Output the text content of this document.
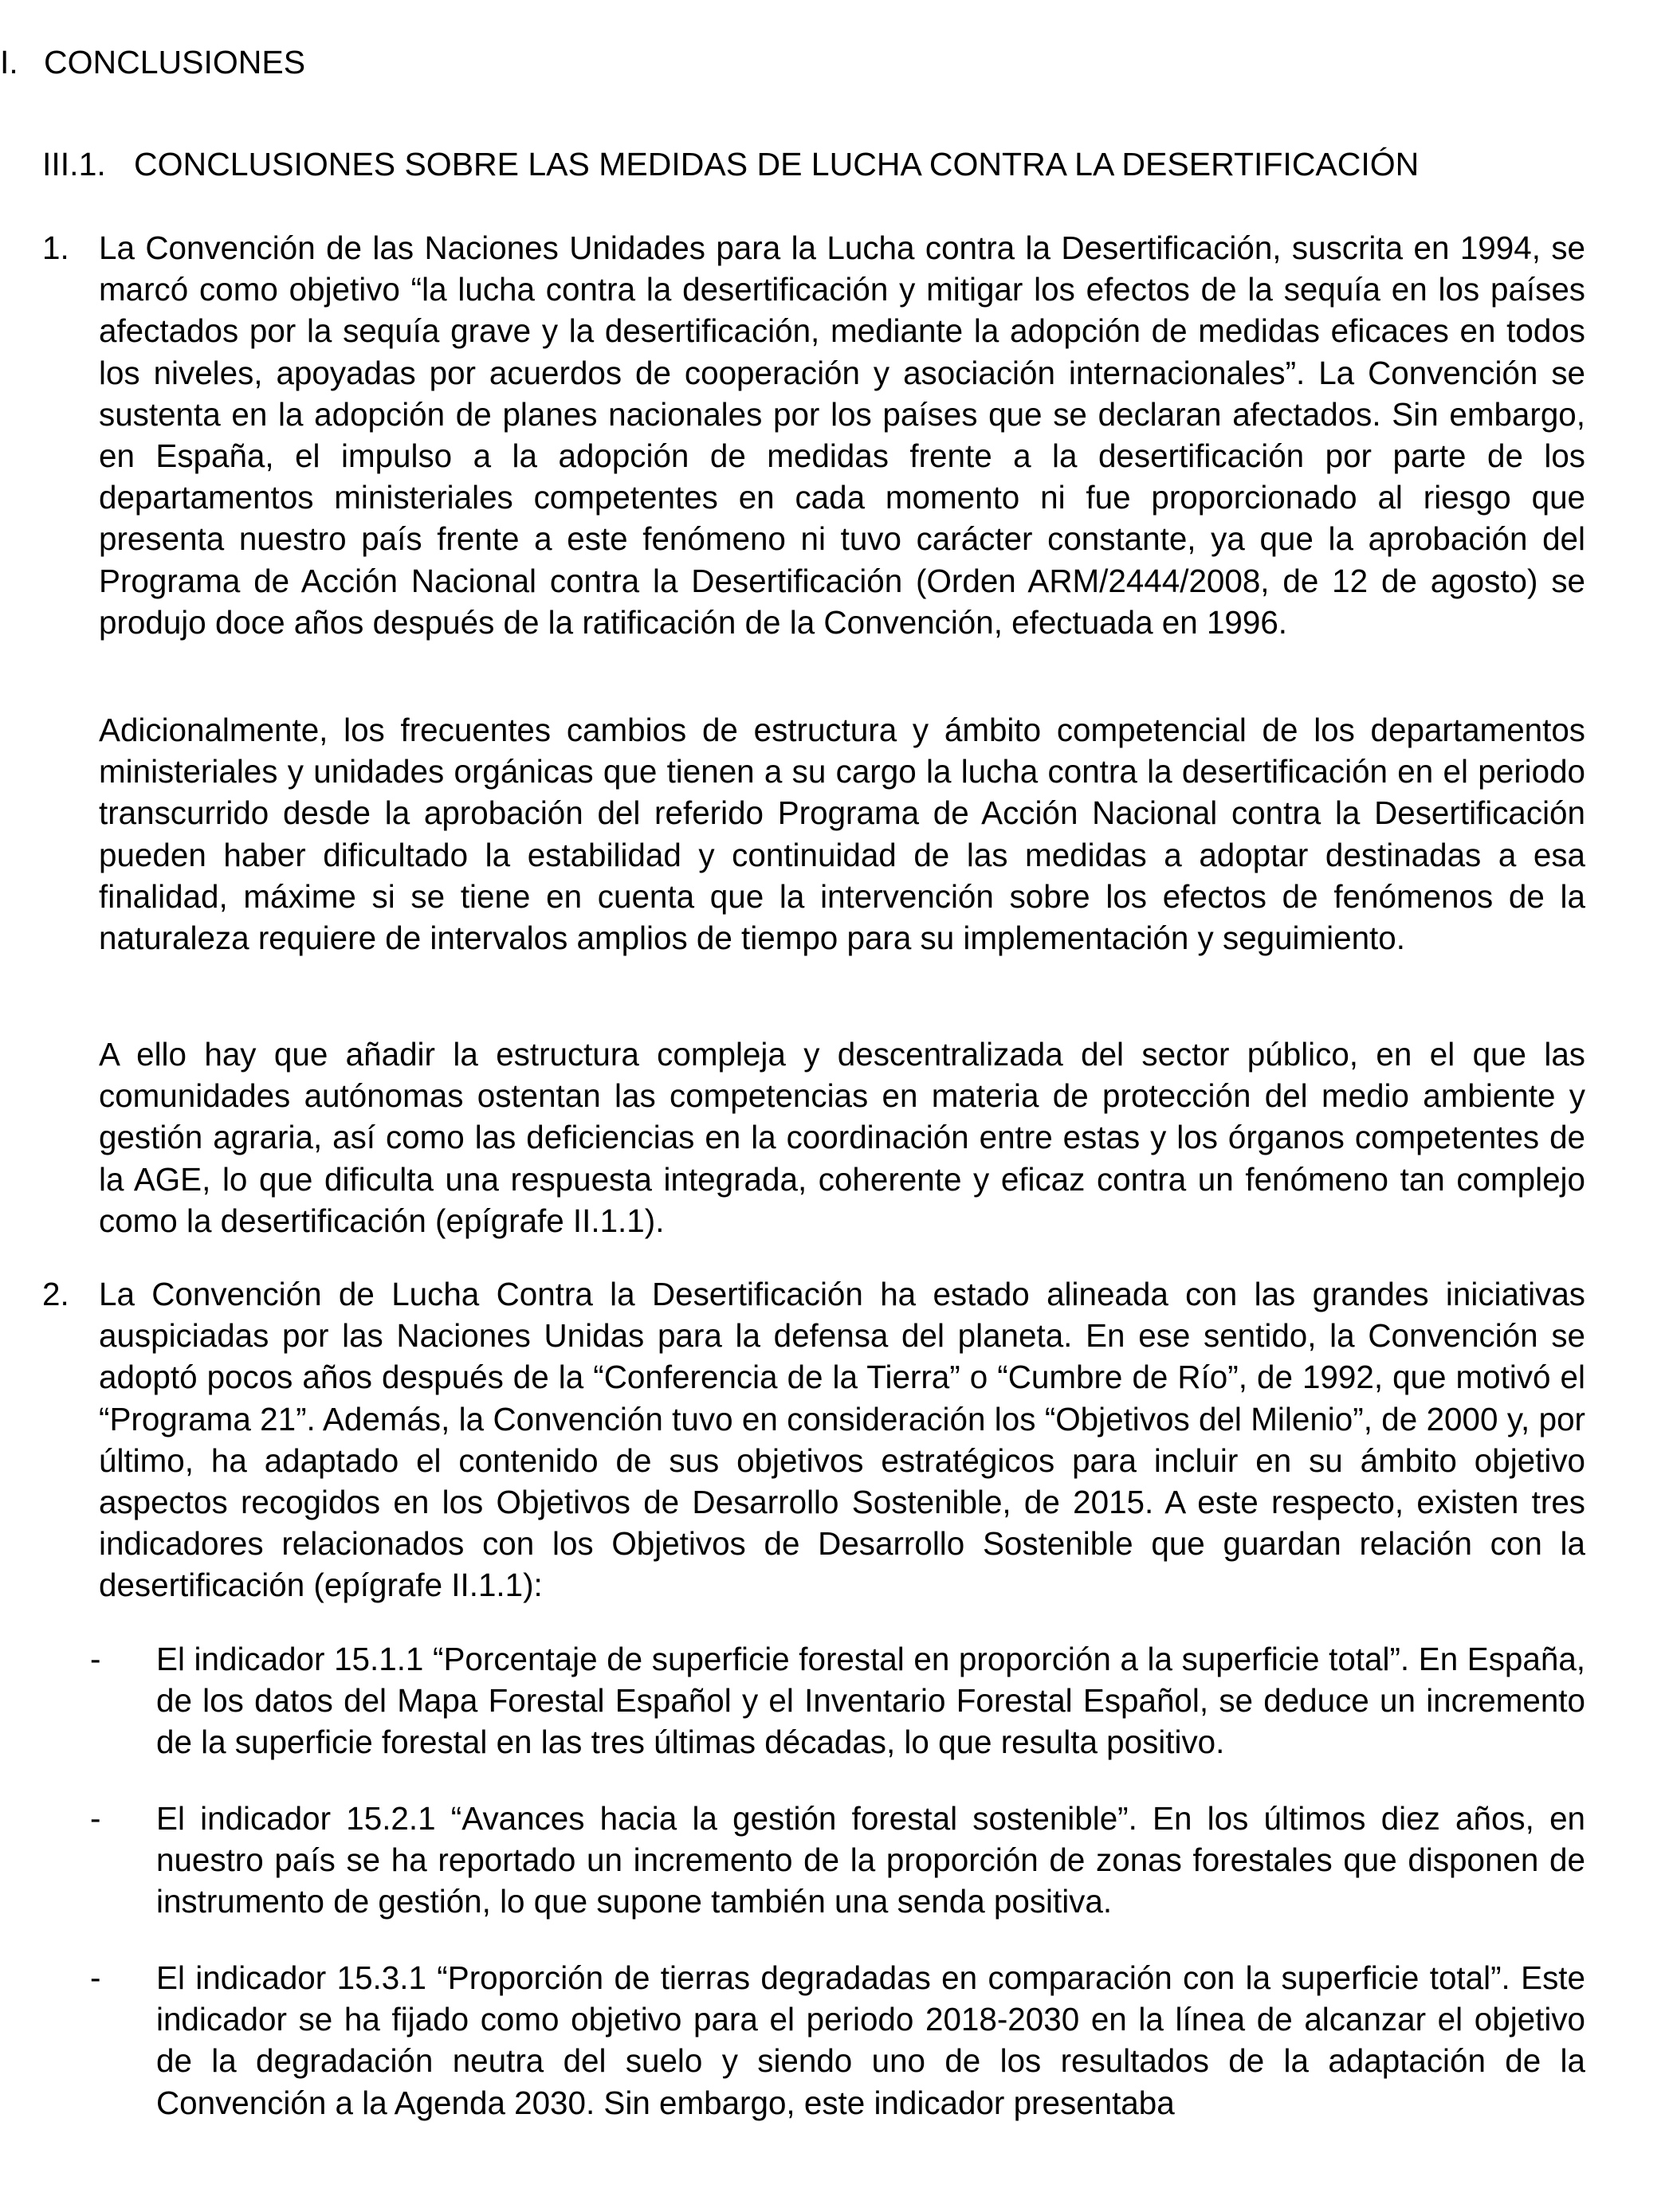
I. CONCLUSIONES
III.1. CONCLUSIONES SOBRE LAS MEDIDAS DE LUCHA CONTRA LA DESERTIFICACIÓN
1. La Convención de las Naciones Unidades para la Lucha contra la Desertificación, suscrita en 1994, se marcó como objetivo “la lucha contra la desertificación y mitigar los efectos de la sequía en los países afectados por la sequía grave y la desertificación, mediante la adopción de medidas eficaces en todos los niveles, apoyadas por acuerdos de cooperación y asociación internacionales”. La Convención se sustenta en la adopción de planes nacionales por los países que se declaran afectados. Sin embargo, en España, el impulso a la adopción de medidas frente a la desertificación por parte de los departamentos ministeriales competentes en cada momento ni fue proporcionado al riesgo que presenta nuestro país frente a este fenómeno ni tuvo carácter constante, ya que la aprobación del Programa de Acción Nacional contra la Desertificación (Orden ARM/2444/2008, de 12 de agosto) se produjo doce años después de la ratificación de la Convención, efectuada en 1996.

Adicionalmente, los frecuentes cambios de estructura y ámbito competencial de los departamentos ministeriales y unidades orgánicas que tienen a su cargo la lucha contra la desertificación en el periodo transcurrido desde la aprobación del referido Programa de Acción Nacional contra la Desertificación pueden haber dificultado la estabilidad y continuidad de las medidas a adoptar destinadas a esa finalidad, máxime si se tiene en cuenta que la intervención sobre los efectos de fenómenos de la naturaleza requiere de intervalos amplios de tiempo para su implementación y seguimiento.

A ello hay que añadir la estructura compleja y descentralizada del sector público, en el que las comunidades autónomas ostentan las competencias en materia de protección del medio ambiente y gestión agraria, así como las deficiencias en la coordinación entre estas y los órganos competentes de la AGE, lo que dificulta una respuesta integrada, coherente y eficaz contra un fenómeno tan complejo como la desertificación (epígrafe II.1.1).

2. La Convención de Lucha Contra la Desertificación ha estado alineada con las grandes iniciativas auspiciadas por las Naciones Unidas para la defensa del planeta. En ese sentido, la Convención se adoptó pocos años después de la “Conferencia de la Tierra” o “Cumbre de Río”, de 1992, que motivó el “Programa 21”. Además, la Convención tuvo en consideración los “Objetivos del Milenio”, de 2000 y, por último, ha adaptado el contenido de sus objetivos estratégicos para incluir en su ámbito objetivo aspectos recogidos en los Objetivos de Desarrollo Sostenible, de 2015. A este respecto, existen tres indicadores relacionados con los Objetivos de Desarrollo Sostenible que guardan relación con la desertificación (epígrafe II.1.1):

- El indicador 15.1.1 “Porcentaje de superficie forestal en proporción a la superficie total”. En España, de los datos del Mapa Forestal Español y el Inventario Forestal Español, se deduce un incremento de la superficie forestal en las tres últimas décadas, lo que resulta positivo.

- El indicador 15.2.1 “Avances hacia la gestión forestal sostenible”. En los últimos diez años, en nuestro país se ha reportado un incremento de la proporción de zonas forestales que disponen de instrumento de gestión, lo que supone también una senda positiva.

- El indicador 15.3.1 “Proporción de tierras degradadas en comparación con la superficie total”. Este indicador se ha fijado como objetivo para el periodo 2018-2030 en la línea de alcanzar el objetivo de la degradación neutra del suelo y siendo uno de los resultados de la adaptación de la Convención a la Agenda 2030. Sin embargo, este indicador presentaba
